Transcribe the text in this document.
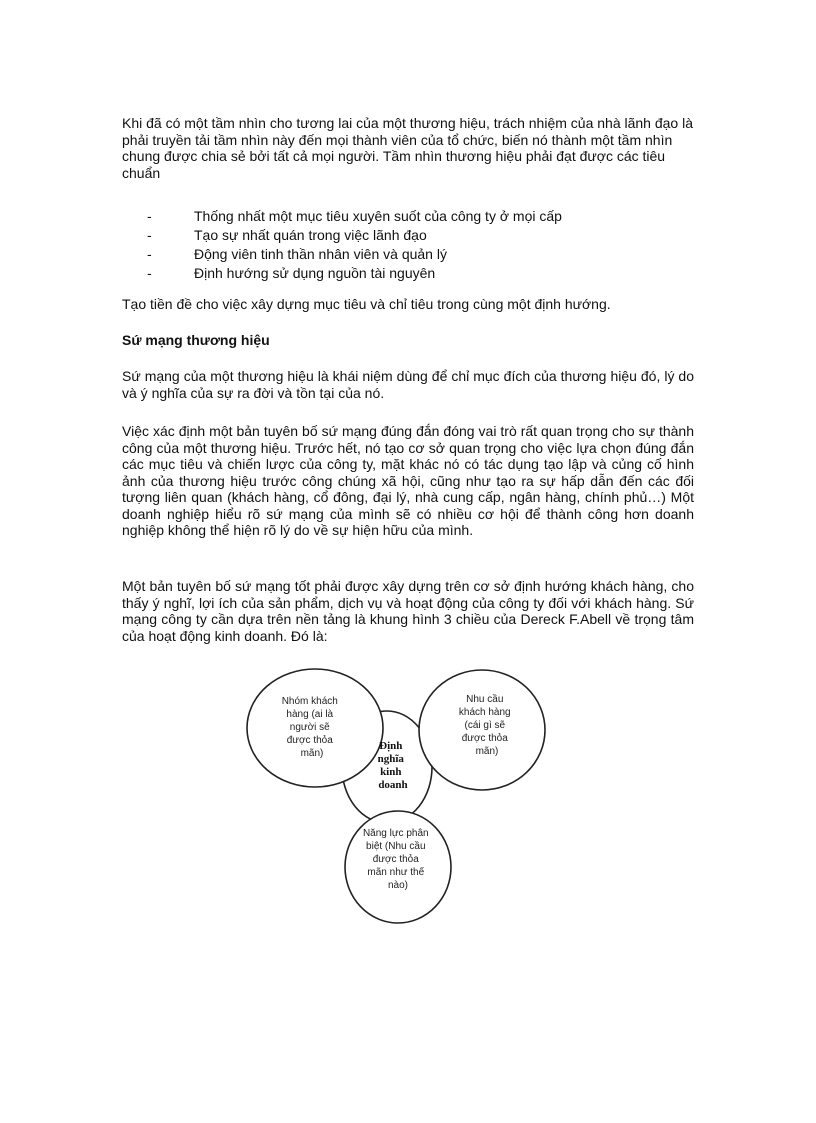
Khi đã có một tầm nhìn cho tương lai của một thương hiệu, trách nhiệm của nhà lãnh đạo là phải truyền tải tầm nhìn này đến mọi thành viên của tổ chức, biến nó thành một tầm nhìn chung được chia sẻ bởi tất cả mọi người. Tầm nhìn thương hiệu phải đạt được các tiêu chuẩn

-	Thống nhất một mục tiêu xuyên suốt của công ty ở mọi cấp
-	Tạo sự nhất quán trong việc lãnh đạo
-	Động viên tinh thần nhân viên và quản lý
-	Định hướng sử dụng nguồn tài nguyên

Tạo tiền đề cho việc xây dựng mục tiêu và chỉ tiêu trong cùng một định hướng.

Sứ mạng thương hiệu

Sứ mạng của một thương hiệu là khái niệm dùng để chỉ mục đích của thương hiệu đó, lý do và ý nghĩa của sự ra đời và tồn tại của nó.

Việc xác định một bản tuyên bố sứ mạng đúng đắn đóng vai trò rất quan trọng cho sự thành công của một thương hiệu. Trước hết, nó tạo cơ sở quan trọng cho việc lựa chọn đúng đắn các mục tiêu và chiến lược của công ty, mặt khác nó có tác dụng tạo lập và củng cố hình ảnh của thương hiệu trước công chúng xã hội, cũng như tạo ra sự hấp dẫn đến các đối tượng liên quan (khách hàng, cổ đông, đại lý, nhà cung cấp, ngân hàng, chính phủ…) Một doanh nghiệp hiểu rõ sứ mạng của mình sẽ có nhiều cơ hội để thành công hơn doanh nghiệp không thể hiện rõ lý do về sự hiện hữu của mình.

Một bản tuyên bố sứ mạng tốt phải được xây dựng trên cơ sở định hướng khách hàng, cho thấy ý nghĩ, lợi ích của sản phẩm, dịch vụ và hoạt động của công ty đối với khách hàng. Sứ mạng công ty cần dựa trên nền tảng là khung hình 3 chiều của Dereck F.Abell về trọng tâm của hoạt động kinh doanh. Đó là:

Nhóm khách hàng (ai là người sẽ được thỏa mãn)
Nhu cầu khách hàng (cái gì sẽ được thỏa mãn)
Định nghĩa kinh doanh
Năng lực phân biệt (Nhu cầu được thỏa mãn như thế nào)
